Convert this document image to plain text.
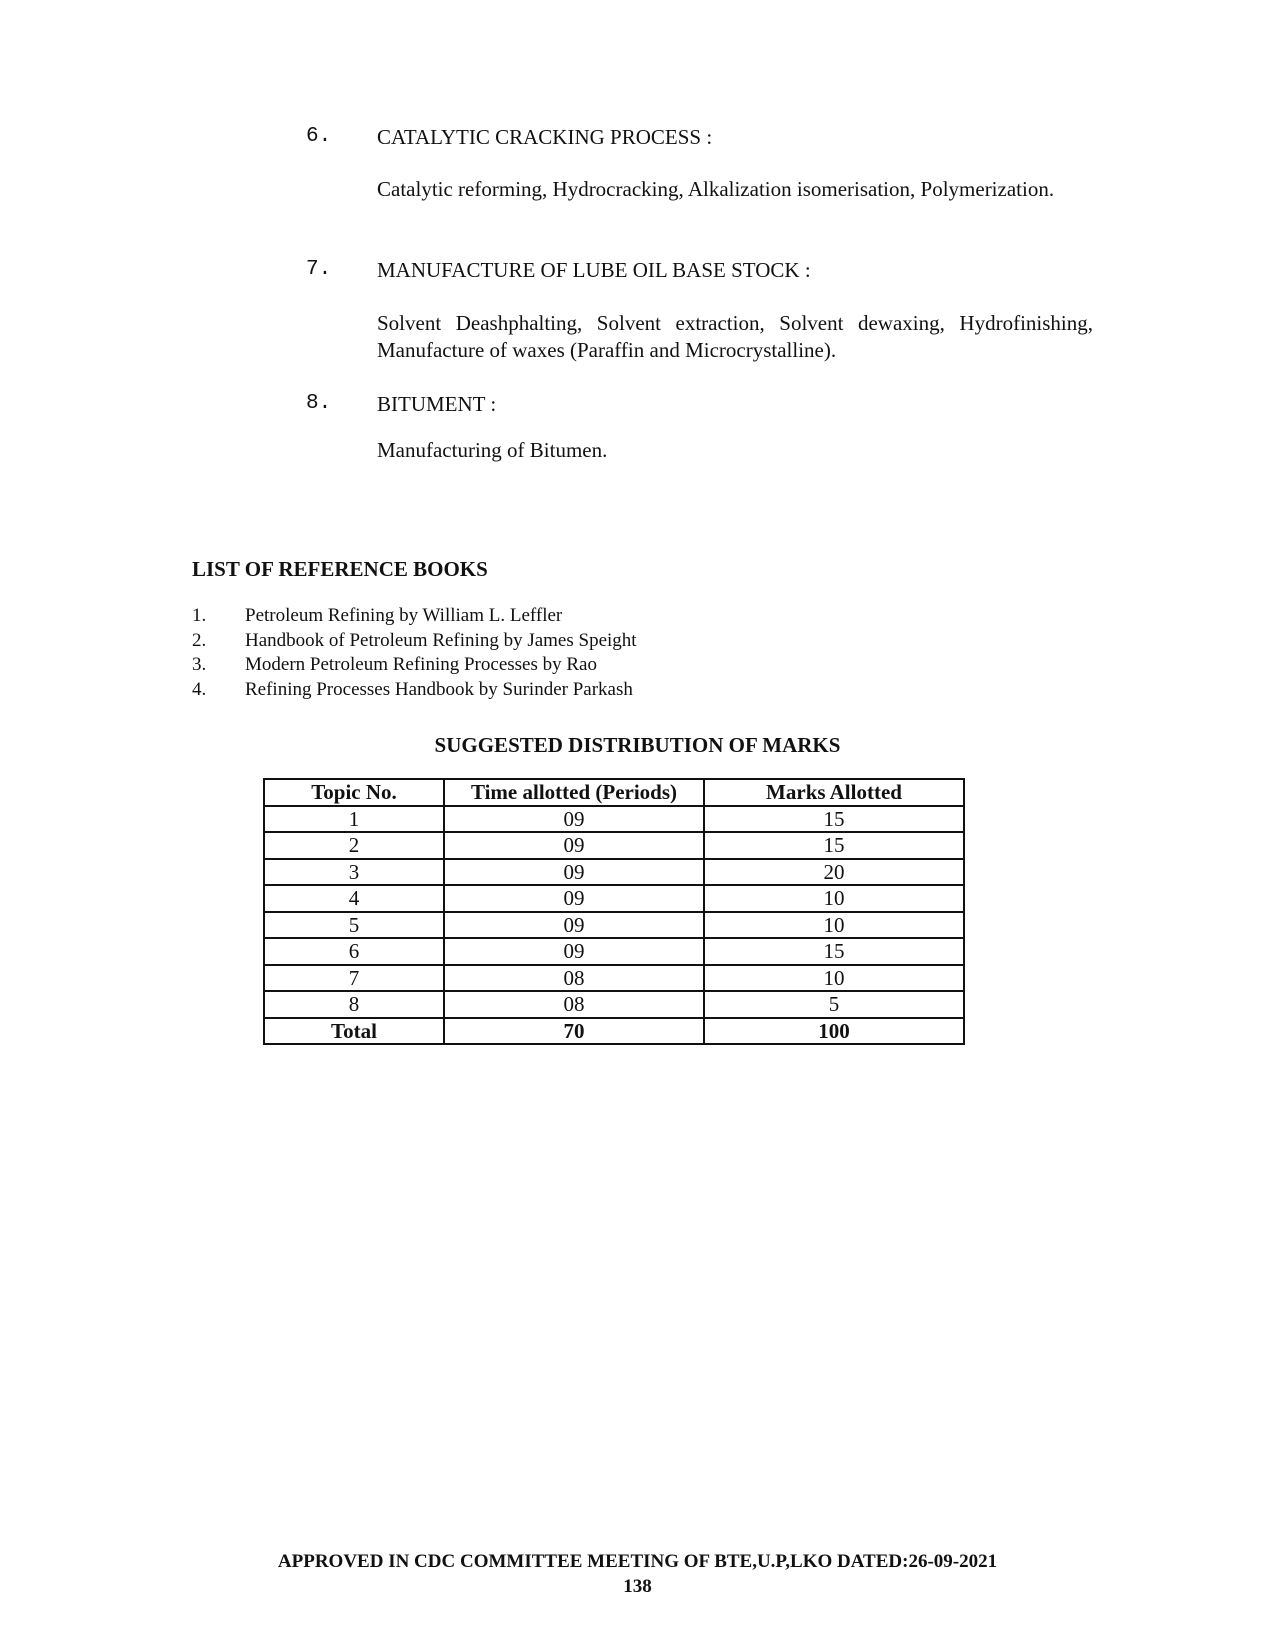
6. CATALYTIC CRACKING PROCESS :
Catalytic reforming, Hydrocracking, Alkalization isomerisation, Polymerization.
7. MANUFACTURE OF LUBE OIL BASE STOCK :
Solvent Deashphalting, Solvent extraction, Solvent dewaxing, Hydrofinishing, Manufacture of waxes (Paraffin and Microcrystalline).
8. BITUMENT :
Manufacturing of Bitumen.
LIST OF REFERENCE BOOKS
1. Petroleum Refining by William L. Leffler
2. Handbook of Petroleum Refining by James Speight
3. Modern Petroleum Refining Processes by Rao
4. Refining Processes Handbook by Surinder Parkash
SUGGESTED DISTRIBUTION OF MARKS
Topic No.	Time allotted (Periods)	Marks Allotted
1	09	15
2	09	15
3	09	20
4	09	10
5	09	10
6	09	15
7	08	10
8	08	5
Total	70	100
APPROVED IN CDC COMMITTEE MEETING OF BTE,U.P,LKO DATED:26-09-2021
138
